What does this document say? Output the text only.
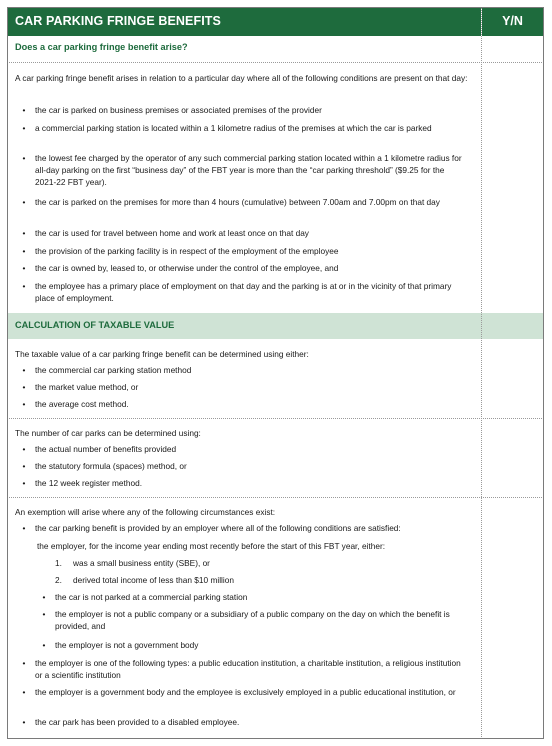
CAR PARKING FRINGE BENEFITS	Y/N
Does a car parking fringe benefit arise?
A car parking fringe benefit arises in relation to a particular day where all of the following conditions are present on that day:
• the car is parked on business premises or associated premises of the provider
• a commercial parking station is located within a 1 kilometre radius of the premises at which the car is parked
• the lowest fee charged by the operator of any such commercial parking station located within a 1 kilometre radius for all-day parking on the first “business day” of the FBT year is more than the “car parking threshold” ($9.25 for the 2021-22 FBT year).
• the car is parked on the premises for more than 4 hours (cumulative) between 7.00am and 7.00pm on that day
• the car is used for travel between home and work at least once on that day
• the provision of the parking facility is in respect of the employment of the employee
• the car is owned by, leased to, or otherwise under the control of the employee, and
• the employee has a primary place of employment on that day and the parking is at or in the vicinity of that primary place of employment.
CALCULATION OF TAXABLE VALUE
The taxable value of a car parking fringe benefit can be determined using either:
• the commercial car parking station method
• the market value method, or
• the average cost method.
The number of car parks can be determined using:
• the actual number of benefits provided
• the statutory formula (spaces) method, or
• the 12 week register method.
An exemption will arise where any of the following circumstances exist:
• the car parking benefit is provided by an employer where all of the following conditions are satisfied:
the employer, for the income year ending most recently before the start of this FBT year, either:
1. was a small business entity (SBE), or
2. derived total income of less than $10 million
• the car is not parked at a commercial parking station
• the employer is not a public company or a subsidiary of a public company on the day on which the benefit is provided, and
• the employer is not a government body
• the employer is one of the following types: a public education institution, a charitable institution, a religious institution or a scientific institution
• the employer is a government body and the employee is exclusively employed in a public educational institution, or
• the car park has been provided to a disabled employee.
